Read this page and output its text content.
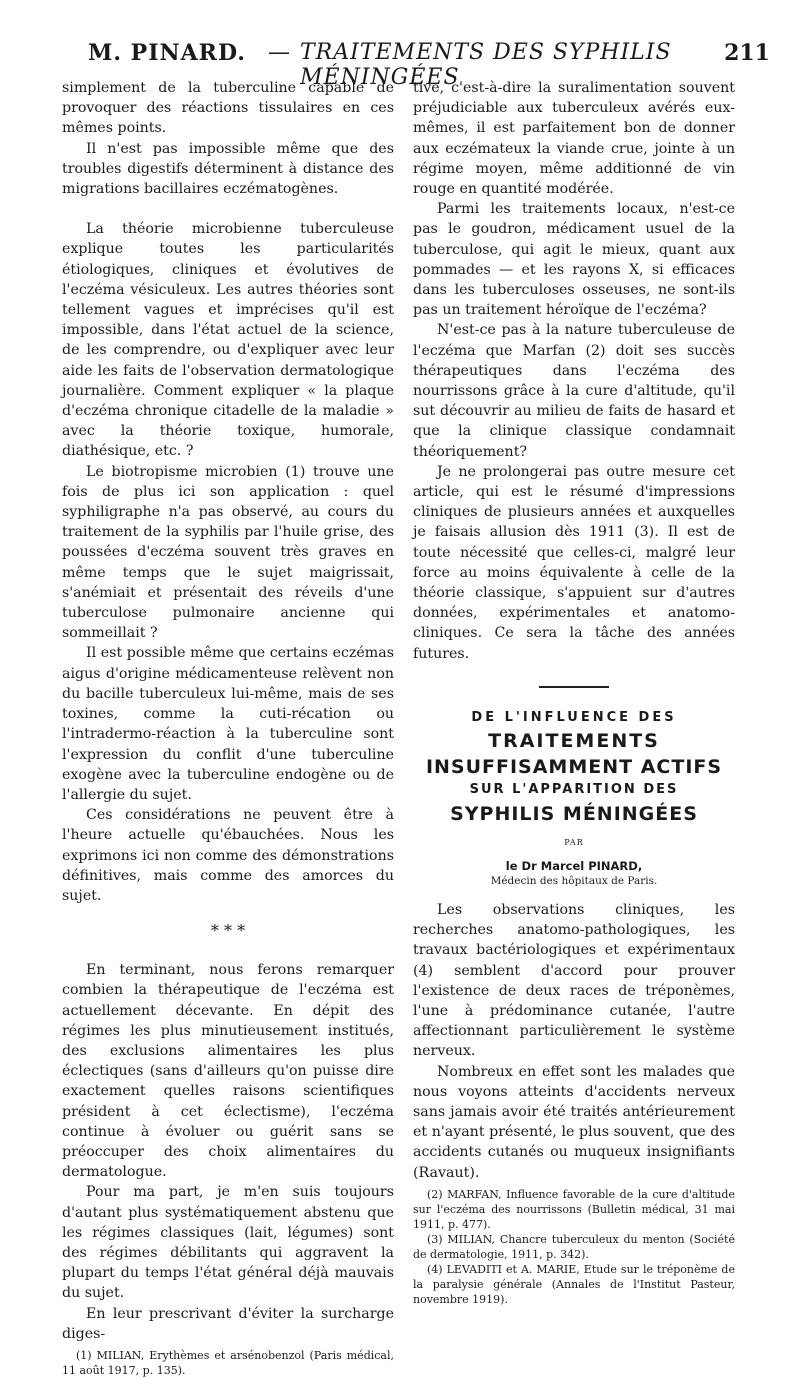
M. PINARD. — TRAITEMENTS DES SYPHILIS MÉNINGÉES
211

simplement de la tuberculine capable de provoquer des réactions tissulaires en ces mêmes points.

Il n'est pas impossible même que des troubles digestifs déterminent à distance des migrations bacillaires eczématogènes.

La théorie microbienne tuberculeuse explique toutes les particularités étiologiques, cliniques et évolutives de l'eczéma vésiculeux. Les autres théories sont tellement vagues et imprécises qu'il est impossible, dans l'état actuel de la science, de les comprendre, ou d'expliquer avec leur aide les faits de l'observation dermatologique journalière. Comment expliquer « la plaque d'eczéma chronique citadelle de la maladie » avec la théorie toxique, humorale, diathésique, etc. ?

Le biotropisme microbien (1) trouve une fois de plus ici son application : quel syphiligraphe n'a pas observé, au cours du traitement de la syphilis par l'huile grise, des poussées d'eczéma souvent très graves en même temps que le sujet maigrissait, s'anémiait et présentait des réveils d'une tuberculose pulmonaire ancienne qui sommeillait ?

Il est possible même que certains eczémas aigus d'origine médicamenteuse relèvent non du bacille tuberculeux lui-même, mais de ses toxines, comme la cuti-récation ou l'intradermo-réaction à la tuberculine sont l'expression du conflit d'une tuberculine exogène avec la tuberculine endogène ou de l'allergie du sujet.

Ces considérations ne peuvent être à l'heure actuelle qu'ébauchées. Nous les exprimons ici non comme des démonstrations définitives, mais comme des amorces du sujet.

* * *

En terminant, nous ferons remarquer combien la thérapeutique de l'eczéma est actuellement décevante. En dépit des régimes les plus minutieusement institués, des exclusions alimentaires les plus éclectiques (sans d'ailleurs qu'on puisse dire exactement quelles raisons scientifiques président à cet éclectisme), l'eczéma continue à évoluer ou guérit sans se préoccuper des choix alimentaires du dermatologue.

Pour ma part, je m'en suis toujours d'autant plus systématiquement abstenu que les régimes classiques (lait, légumes) sont des régimes débilitants qui aggravent la plupart du temps l'état général déjà mauvais du sujet.

En leur prescrivant d'éviter la surcharge diges-

(1) MILIAN, Erythèmes et arsénobenzol (Paris médical, 11 août 1917, p. 135).

tive, c'est-à-dire la suralimentation souvent préjudiciable aux tuberculeux avérés eux-mêmes, il est parfaitement bon de donner aux eczémateux la viande crue, jointe à un régime moyen, même additionné de vin rouge en quantité modérée.

Parmi les traitements locaux, n'est-ce pas le goudron, médicament usuel de la tuberculose, qui agit le mieux, quant aux pommades — et les rayons X, si efficaces dans les tuberculoses osseuses, ne sont-ils pas un traitement héroïque de l'eczéma?

N'est-ce pas à la nature tuberculeuse de l'eczéma que Marfan (2) doit ses succès thérapeutiques dans l'eczéma des nourrissons grâce à la cure d'altitude, qu'il sut découvrir au milieu de faits de hasard et que la clinique classique condamnait théoriquement?

Je ne prolongerai pas outre mesure cet article, qui est le résumé d'impressions cliniques de plusieurs années et auxquelles je faisais allusion dès 1911 (3). Il est de toute nécessité que celles-ci, malgré leur force au moins équivalente à celle de la théorie classique, s'appuient sur d'autres données, expérimentales et anatomo-cliniques. Ce sera la tâche des années futures.

DE L'INFLUENCE DES
TRAITEMENTS
INSUFFISAMMENT ACTIFS
SUR L'APPARITION DES
SYPHILIS MÉNINGÉES
PAR
le Dr Marcel PINARD,
Médecin des hôpitaux de Paris.

Les observations cliniques, les recherches anatomo-pathologiques, les travaux bactériologiques et expérimentaux (4) semblent d'accord pour prouver l'existence de deux races de tréponèmes, l'une à prédominance cutanée, l'autre affectionnant particulièrement le système nerveux.

Nombreux en effet sont les malades que nous voyons atteints d'accidents nerveux sans jamais avoir été traités antérieurement et n'ayant présenté, le plus souvent, que des accidents cutanés ou muqueux insignifiants (Ravaut).

(2) MARFAN, Influence favorable de la cure d'altitude sur l'eczéma des nourrissons (Bulletin médical, 31 mai 1911, p. 477).

(3) MILIAN, Chancre tuberculeux du menton (Société de dermatologie, 1911, p. 342).

(4) LEVADITI et A. MARIE, Etude sur le tréponème de la paralysie générale (Annales de l'Institut Pasteur, novembre 1919).
